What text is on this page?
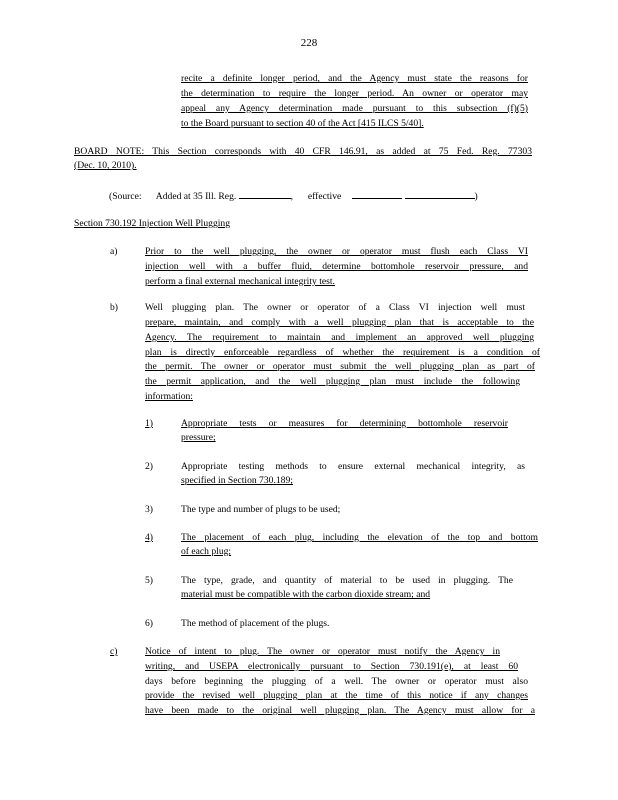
228
recite a definite longer period, and the Agency must state the reasons for
the determination to require the longer period. An owner or operator may
appeal any Agency determination made pursuant to this subsection (f)(5)
to the Board pursuant to section 40 of the Act [415 ILCS 5/40].
BOARD NOTE: This Section corresponds with 40 CFR 146.91, as added at 75 Fed. Reg. 77303
(Dec. 10, 2010).
(Source: Added at 35 Ill. Reg.	, effective	)
Section 730.192 Injection Well Plugging
a)	Prior to the well plugging, the owner or operator must flush each Class VI
injection well with a buffer fluid, determine bottomhole reservoir pressure, and
perform a final external mechanical integrity test.
b)	Well plugging plan. The owner or operator of a Class VI injection well must
prepare, maintain, and comply with a well plugging plan that is acceptable to the
Agency. The requirement to maintain and implement an approved well plugging
plan is directly enforceable regardless of whether the requirement is a condition of
the permit. The owner or operator must submit the well plugging plan as part of
the permit application, and the well plugging plan must include the following
information:
1)	Appropriate tests or measures for determining bottomhole reservoir
pressure;
2)	Appropriate testing methods to ensure external mechanical integrity, as
specified in Section 730.189;
3)	The type and number of plugs to be used;
4)	The placement of each plug, including the elevation of the top and bottom
of each plug;
5)	The type, grade, and quantity of material to be used in plugging. The
material must be compatible with the carbon dioxide stream; and
6)	The method of placement of the plugs.
c)	Notice of intent to plug. The owner or operator must notify the Agency in
writing, and USEPA electronically pursuant to Section 730.191(e), at least 60
days before beginning the plugging of a well. The owner or operator must also
provide the revised well plugging plan at the time of this notice if any changes
have been made to the original well plugging plan. The Agency must allow for a
